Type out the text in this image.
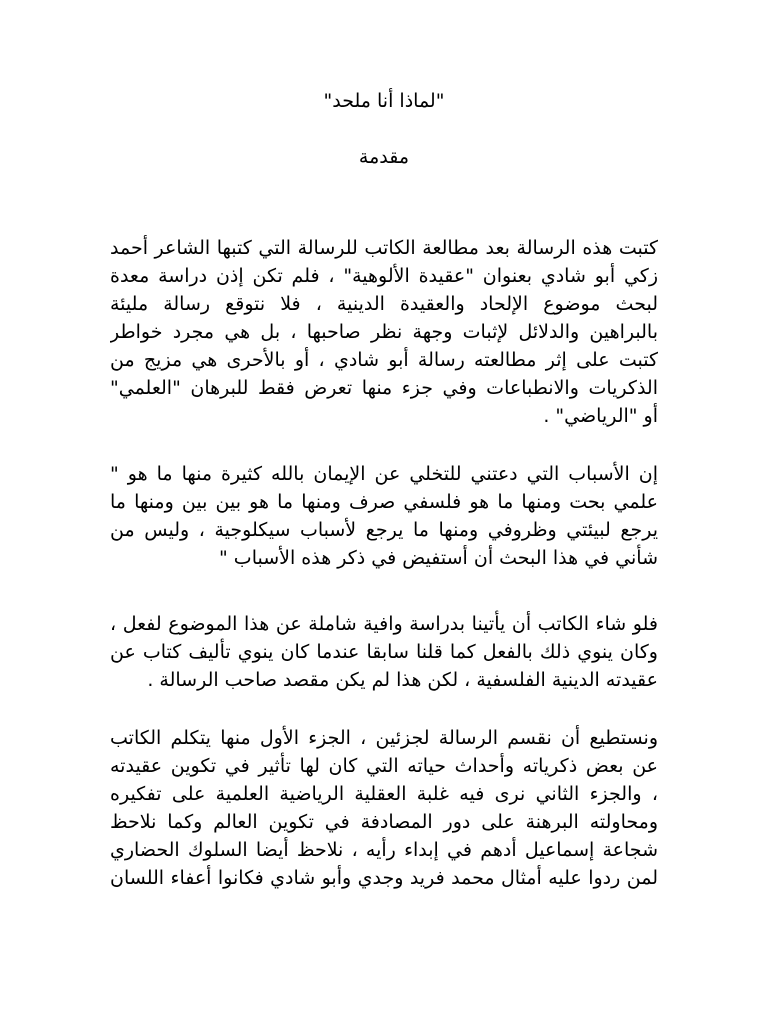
"لماذا أنا ملحد"
مقدمة
كتبت هذه الرسالة بعد مطالعة الكاتب للرسالة التي كتبها الشاعر أحمد
زكي أبو شادي بعنوان "عقيدة الألوهية" ، فلم تكن إذن دراسة معدة
لبحث موضوع الإلحاد والعقيدة الدينية ، فلا نتوقع رسالة مليئة
بالبراهين والدلائل لإثبات وجهة نظر صاحبها ، بل هي مجرد خواطر
كتبت على إثر مطالعته رسالة أبو شادي ، أو بالأحرى هي مزيج من
الذكريات والانطباعات وفي جزء منها تعرض فقط للبرهان "العلمي"
أو "الرياضي" .
إن الأسباب التي دعتني للتخلي عن الإيمان بالله كثيرة منها ما هو "
علمي بحت ومنها ما هو فلسفي صرف ومنها ما هو بين بين ومنها ما
يرجع لبيئتي وظروفي ومنها ما يرجع لأسباب سيكلوجية ، وليس من
شأني في هذا البحث أن أستفيض في ذكر هذه الأسباب "
فلو شاء الكاتب أن يأتينا بدراسة وافية شاملة عن هذا الموضوع لفعل ،
وكان ينوي ذلك بالفعل كما قلنا سابقا عندما كان ينوي تأليف كتاب عن
عقيدته الدينية الفلسفية ، لكن هذا لم يكن مقصد صاحب الرسالة .
ونستطيع أن نقسم الرسالة لجزئين ، الجزء الأول منها يتكلم الكاتب
عن بعض ذكرياته وأحداث حياته التي كان لها تأثير في تكوين عقيدته
، والجزء الثاني نرى فيه غلبة العقلية الرياضية العلمية على تفكيره
ومحاولته البرهنة على دور المصادفة في تكوين العالم وكما نلاحظ
شجاعة إسماعيل أدهم في إبداء رأيه ، نلاحظ أيضا السلوك الحضاري
لمن ردوا عليه أمثال محمد فريد وجدي وأبو شادي فكانوا أعفاء اللسان
